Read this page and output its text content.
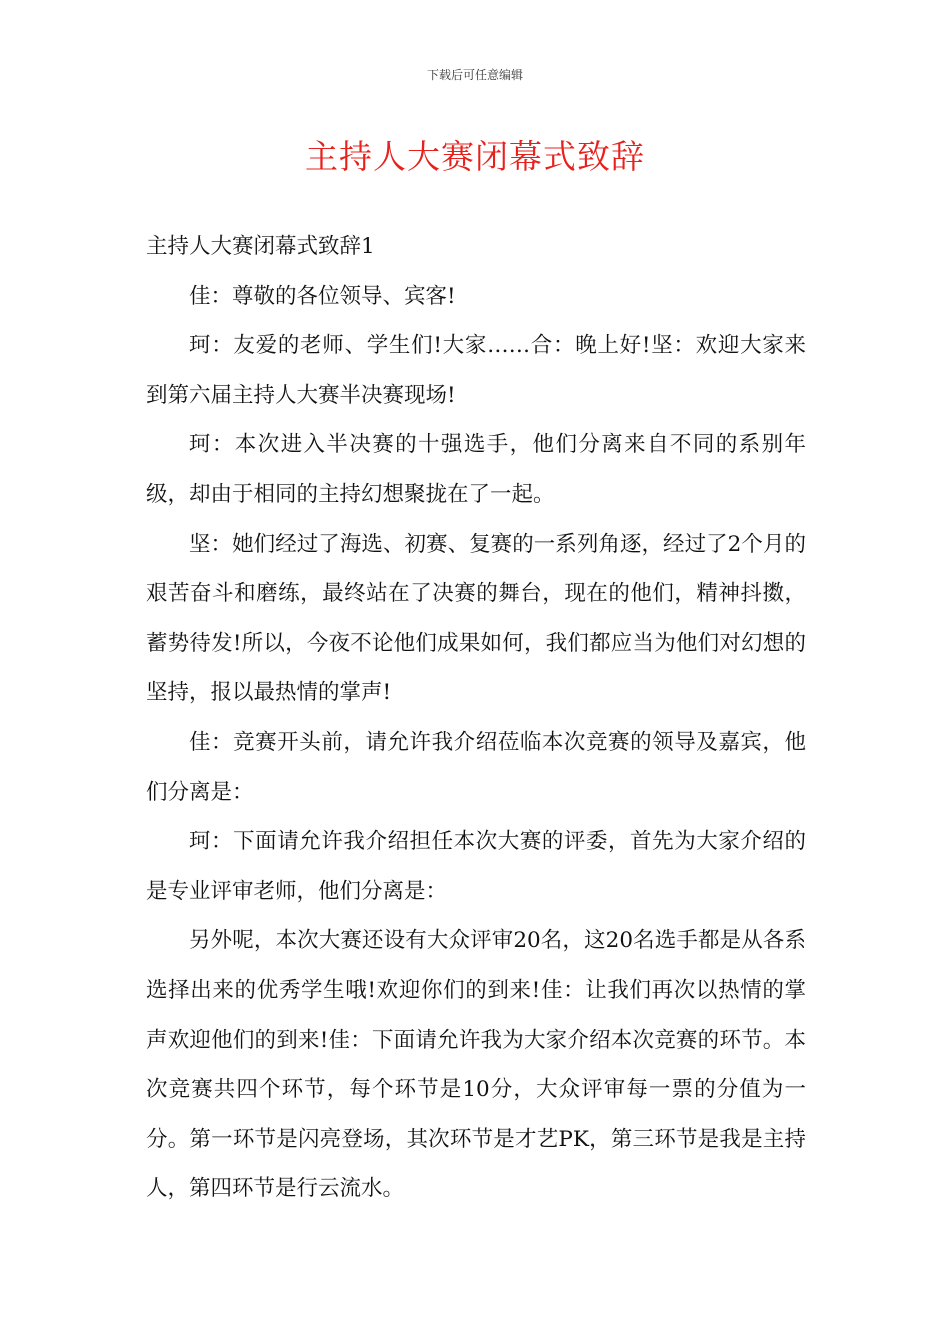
下载后可任意编辑
主持人大赛闭幕式致辞

主持人大赛闭幕式致辞1

佳：尊敬的各位领导、宾客!

珂：友爱的老师、学生们!大家……合：晚上好!坚：欢迎大家来到第六届主持人大赛半决赛现场!

珂：本次进入半决赛的十强选手，他们分离来自不同的系别年级，却由于相同的主持幻想聚拢在了一起。

坚：她们经过了海选、初赛、复赛的一系列角逐，经过了2个月的艰苦奋斗和磨练，最终站在了决赛的舞台，现在的他们，精神抖擞，蓄势待发!所以，今夜不论他们成果如何，我们都应当为他们对幻想的坚持，报以最热情的掌声!

佳：竞赛开头前，请允许我介绍莅临本次竞赛的领导及嘉宾，他们分离是：

珂：下面请允许我介绍担任本次大赛的评委，首先为大家介绍的是专业评审老师，他们分离是：

另外呢，本次大赛还设有大众评审20名，这20名选手都是从各系选择出来的优秀学生哦!欢迎你们的到来!佳：让我们再次以热情的掌声欢迎他们的到来!佳：下面请允许我为大家介绍本次竞赛的环节。本次竞赛共四个环节，每个环节是10分，大众评审每一票的分值为一分。第一环节是闪亮登场，其次环节是才艺PK，第三环节是我是主持人，第四环节是行云流水。
